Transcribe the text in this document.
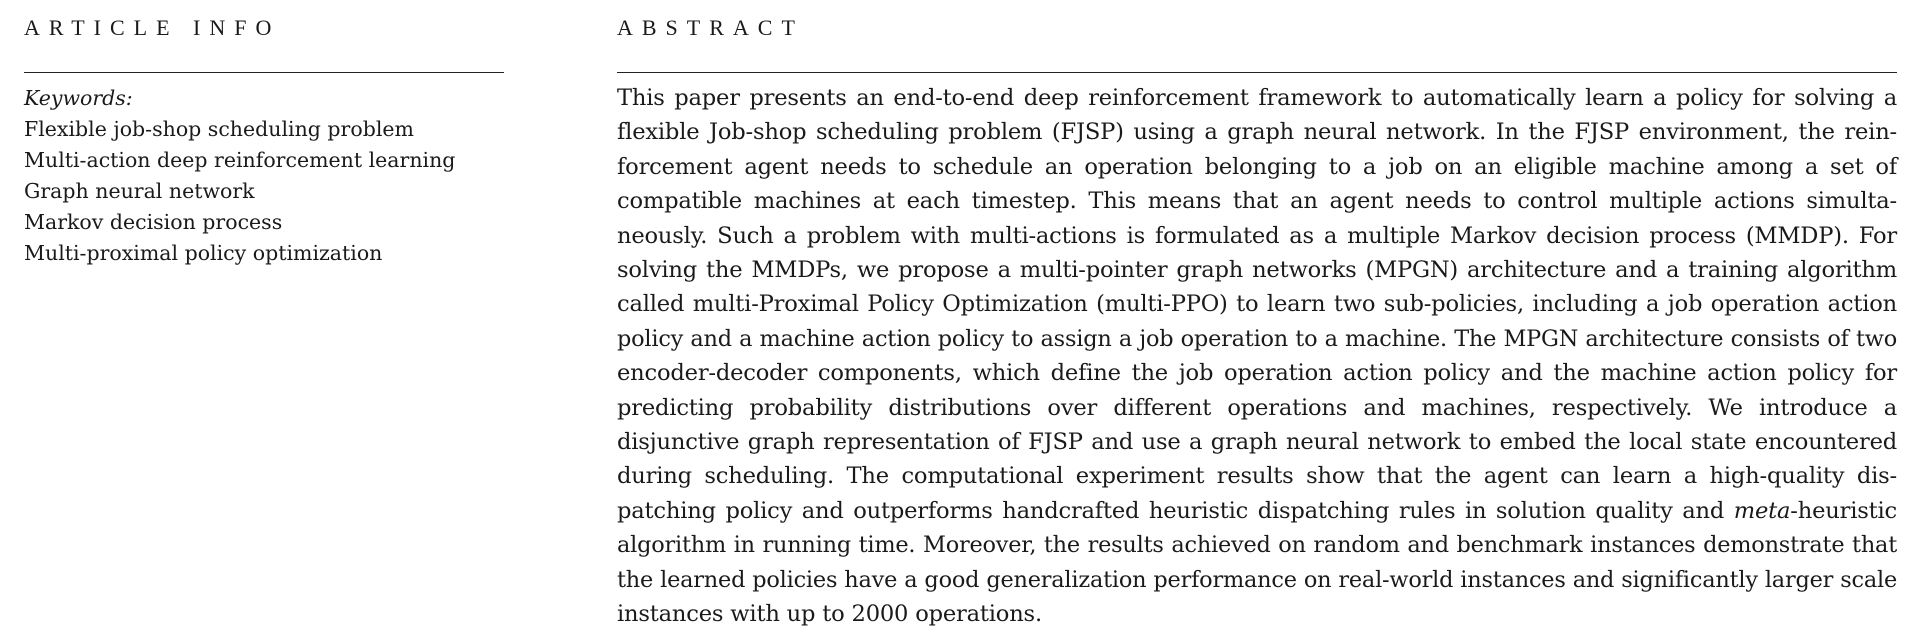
ARTICLE INFO
Keywords:
Flexible job-shop scheduling problem
Multi-action deep reinforcement learning
Graph neural network
Markov decision process
Multi-proximal policy optimization
ABSTRACT
This paper presents an end-to-end deep reinforcement framework to automatically learn a policy for solving a
flexible Job-shop scheduling problem (FJSP) using a graph neural network. In the FJSP environment, the rein-
forcement agent needs to schedule an operation belonging to a job on an eligible machine among a set of
compatible machines at each timestep. This means that an agent needs to control multiple actions simulta-
neously. Such a problem with multi-actions is formulated as a multiple Markov decision process (MMDP). For
solving the MMDPs, we propose a multi-pointer graph networks (MPGN) architecture and a training algorithm
called multi-Proximal Policy Optimization (multi-PPO) to learn two sub-policies, including a job operation action
policy and a machine action policy to assign a job operation to a machine. The MPGN architecture consists of two
encoder-decoder components, which define the job operation action policy and the machine action policy for
predicting probability distributions over different operations and machines, respectively. We introduce a
disjunctive graph representation of FJSP and use a graph neural network to embed the local state encountered
during scheduling. The computational experiment results show that the agent can learn a high-quality dis-
patching policy and outperforms handcrafted heuristic dispatching rules in solution quality and meta-heuristic
algorithm in running time. Moreover, the results achieved on random and benchmark instances demonstrate that
the learned policies have a good generalization performance on real-world instances and significantly larger scale
instances with up to 2000 operations.
